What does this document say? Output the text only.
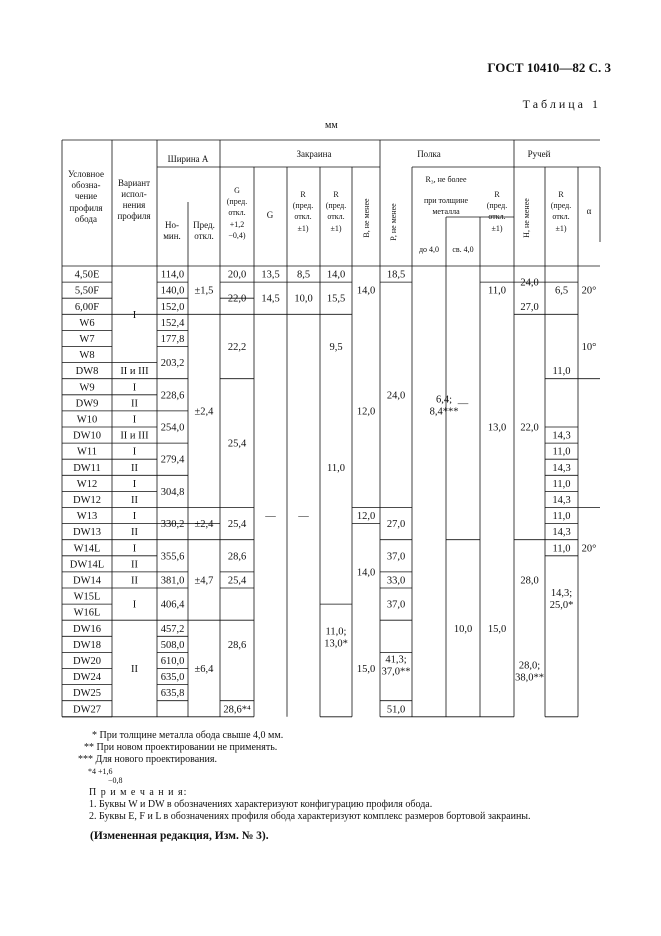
ГОСТ 10410—82 С. 3
Таблица 1
мм
Условное
обозна-
чение
профиля
обода
Вариант
испол-
нения
профиля
Ширина А
Но-
мин.
Пред.
откл.
Закраина
G
(пред.
откл.
+1,2
−0,4)
G
R
(пред.
откл.
±1)
R
(пред.
откл.
±1)	B, не менее
Полка
P, не менее
R₃, не более
при толщине
металла
до 4,0 св. 4,0
Ручей
R
(пред.
откл.
±1) H, не менее
R
(пред.
откл.
±1)
α
4,50E
5,50F
6,00F
W6
W7
W8
DW8
W9
DW9
W10
DW10
W11
DW11
W12
DW12
W13
DW13
W14L
DW14L
DW14
W15L
W16L
DW16
DW18
DW20
DW24
DW25
DW27
I
II и III
I
II
I
II и III
I
II
I
II
I
II
I
II
II
I
II
114,0
140,0
152,0
152,4
177,8
203,2
228,6
254,0
279,4
304,8
330,2
355,6
381,0
406,4
457,2
508,0
610,0
635,0
635,8
±1,5
±2,4
±2,4
±4,7
±6,4
20,0
22,0
22,2
25,4
25,4
28,6
25,4
28,6
28,6*⁴
13,5
14,5
—
8,5
10,0
—
14,0
15,5
9,5
11,0
11,0;
13,0*
14,0
12,0
12,0
14,0
15,0
18,5
24,0
27,0
37,0
33,0
37,0
41,3;
37,0**
51,0
6,4;
8,4***
—
10,0
11,0
13,0
15,0
24,0
27,0
22,0
28,0
28,0;
38,0**
6,5
11,0
14,3
11,0
14,3
11,0
14,3
11,0
14,3
11,0
14,3;
25,0*
20°
10°
20°
* При толщине металла обода свыше 4,0 мм.
** При новом проектировании не применять.
*** Для нового проектирования.
*4 +1,6
−0,8
П р и м е ч а н и я:
1. Буквы W и DW в обозначениях характеризуют конфигурацию профиля обода.
2. Буквы E, F и L в обозначениях профиля обода характеризуют комплекс размеров бортовой закраины.
(Измененная редакция, Изм. № 3).
